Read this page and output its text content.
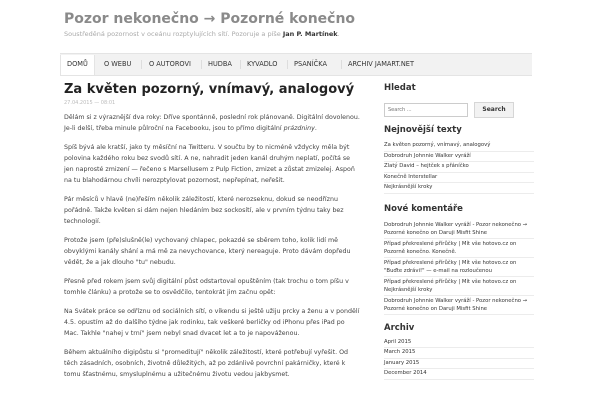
Pozor nekonečno → Pozorné konečno
Soustředěná pozornost v oceánu rozptylujících sítí. Pozoruje a píše Jan P. Martínek.
DOMŮ	O WEBU	O AUTOROVI	HUDBA	KYVADLO	PSANÍČKA	ARCHIV JAMART.NET
Za květen pozorný, vnímavý, analogový
27.04.2015 — 08:01

Dělám si z výraznější dva roky: Dříve spontánně, poslední rok plánovaně. Digitální dovolenou. Je-li delší, třeba minule půlroční na Facebooku, jsou to přímo digitální prázdniny.

Spíš bývá ale kratší, jako ty měsíční na Twitteru. V součtu by to nicméně vždycky měla být polovina každého roku bez svodů sítí. A ne, nahradit jeden kanál druhým neplatí, počítá se jen naprosté zmizení — řečeno s Marsellusem z Pulp Fiction, zmizet a zůstat zmizelej. Aspoň na tu blahodárnou chvíli nerozptylovat pozornost, nepřepínat, neřešit.

Pár měsíců v hlavě (ne)řeším několik záležitostí, které nerozseknu, dokud se neodříznu pořádně. Takže květen si dám nejen hledáním bez sockosítí, ale v prvním týdnu taky bez technologií.

Protože jsem (pře)slušně(le) vychovaný chlapec, pokazdé se sběrem toho, kolik lidí mě obvyklými kanály shání a má mě za nevychovance, který nereaguje. Proto dávám dopředu vědět, že a jak dlouho "tu" nebudu.

Přesně před rokem jsem svůj digitální půst odstartoval opuštěním (tak trochu o tom píšu v tomhle článku) a protože se to osvědčilo, tentokrát jim začnu opět:

Na Svátek práce se odříznu od sociálních sítí, o víkendu si ještě užiju prcky a ženu a v pondělí 4.5. opustím až do dalšího týdne jak rodinku, tak veškeré berličky od iPhonu přes iPad po Mac. Takhle "nahej v trní" jsem nebyl snad dvacet let a to je napováženou.

Během aktuálního digipůstu si "promeditují" několik záležitostí, které potřebují vyřešit. Od těch zásadních, osobních, životně důležitých, až po zdánlivě povrchní pakárničky, které k tomu šťastnému, smysluplnému a užitečnému životu vedou jakbysmet.

Hledat
Search ...
Search
Nejnovější texty
Za květen pozorný, vnímavý, analogový
Dobrodruh Johnnie Walker vyráží
Zlatý David – hejtček s přáníčko
Konečně Interstellar
Nejkrásnější kroky
Nové komentáře
Dobrodruh Johnnie Walker vyráží - Pozor nekonečno → Pozorné konečno on Daruji Misfit Shine
Případ překreslené přírůčky | Mít vše hotovo.cz on Pozorně konečno. Konečně.
Případ překreslené přírůčky | Mít vše hotovo.cz on "Buďte zdrávi!" — e-mail na rozloučenou
Případ překreslené přírůčky | Mít vše hotovo.cz on Nejkrásnější kroky
Dobrodruh Johnnie Walker vyráží - Pozor nekonečno → Pozorné konečno on Daruji Misfit Shine
Archiv
April 2015
March 2015
January 2015
December 2014
